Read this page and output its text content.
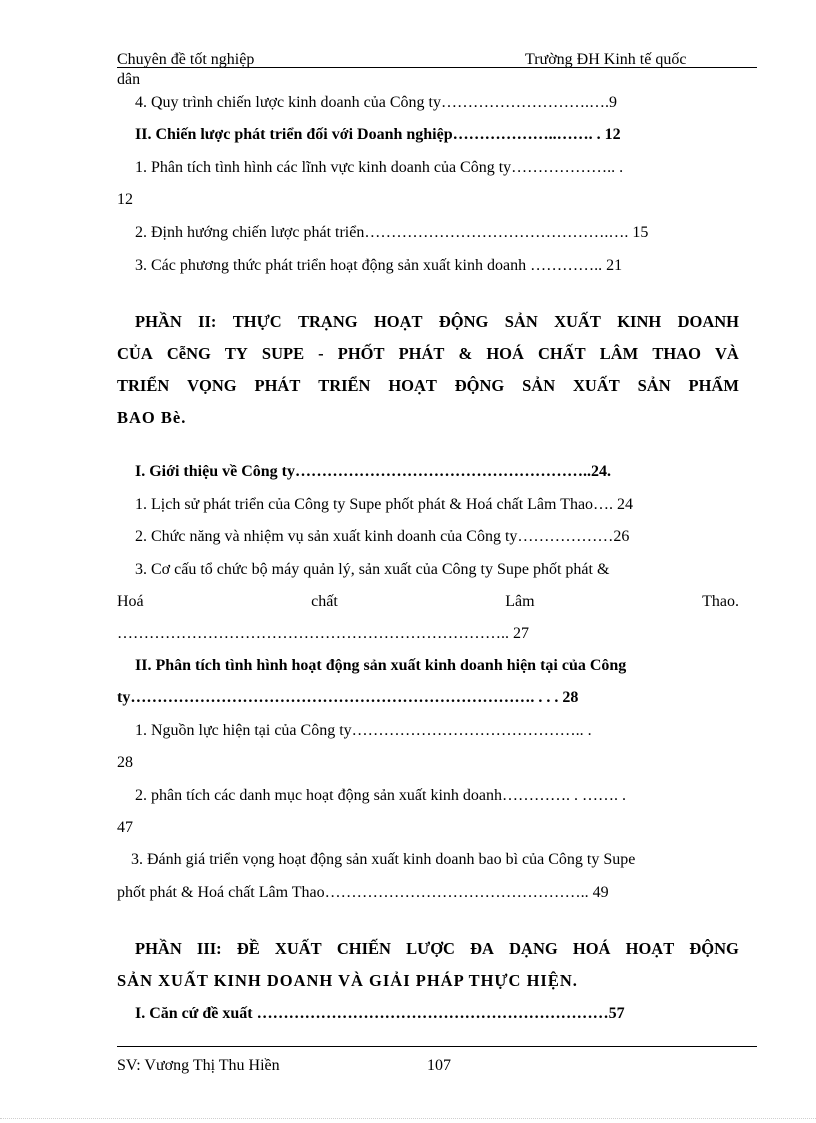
Chuyên đề tốt nghiệp	Trường ĐH Kinh tế quốc
dân
4. Quy trình chiến lược kinh doanh của Công ty……………………….….9
II. Chiến lược phát triển đối với Doanh nghiệp………………..……. . 12
1. Phân tích tình hình các lĩnh vực kinh doanh của Công ty……………….. .
12
2. Định hướng chiến lược phát triển……………………………………….…. 15
3. Các phương thức phát triển hoạt động sản xuất kinh doanh ………….. 21
PHẦN II: THỰC TRẠNG HOẠT ĐỘNG SẢN XUẤT KINH DOANH
CỦA CễNG TY SUPE - PHỐT PHÁT & HOÁ CHẤT LÂM THAO VÀ
TRIỂN VỌNG PHÁT TRIỂN HOẠT ĐỘNG SẢN XUẤT SẢN PHẨM
BAO Bè.
I. Giới thiệu về Công ty………………………………………………..24.
1. Lịch sử phát triển của Công ty Supe phốt phát & Hoá chất Lâm Thao…. 24
2. Chức năng và nhiệm vụ sản xuất kinh doanh của Công ty………………26
3. Cơ cấu tổ chức bộ máy quản lý, sản xuất của Công ty Supe phốt phát &
Hoá	chất	Lâm	Thao.
……………………………………………………………….. 27
II. Phân tích tình hình hoạt động sản xuất kinh doanh hiện tại của Công
ty…………………………………………………………………. . . . 28
1. Nguồn lực hiện tại của Công ty…………………………………….. .
28
2. phân tích các danh mục hoạt động sản xuất kinh doanh…………. . ……. .
47
3. Đánh giá triển vọng hoạt động sản xuất kinh doanh bao bì của Công ty Supe
phốt phát & Hoá chất Lâm Thao………………………………………….. 49
PHẦN III: ĐỀ XUẤT CHIẾN LƯỢC ĐA DẠNG HOÁ HOẠT ĐỘNG
SẢN XUẤT KINH DOANH VÀ GIẢI PHÁP THỰC HIỆN.
I. Căn cứ đề xuất …………………………………………………………57
SV: Vương Thị Thu Hiền	107
